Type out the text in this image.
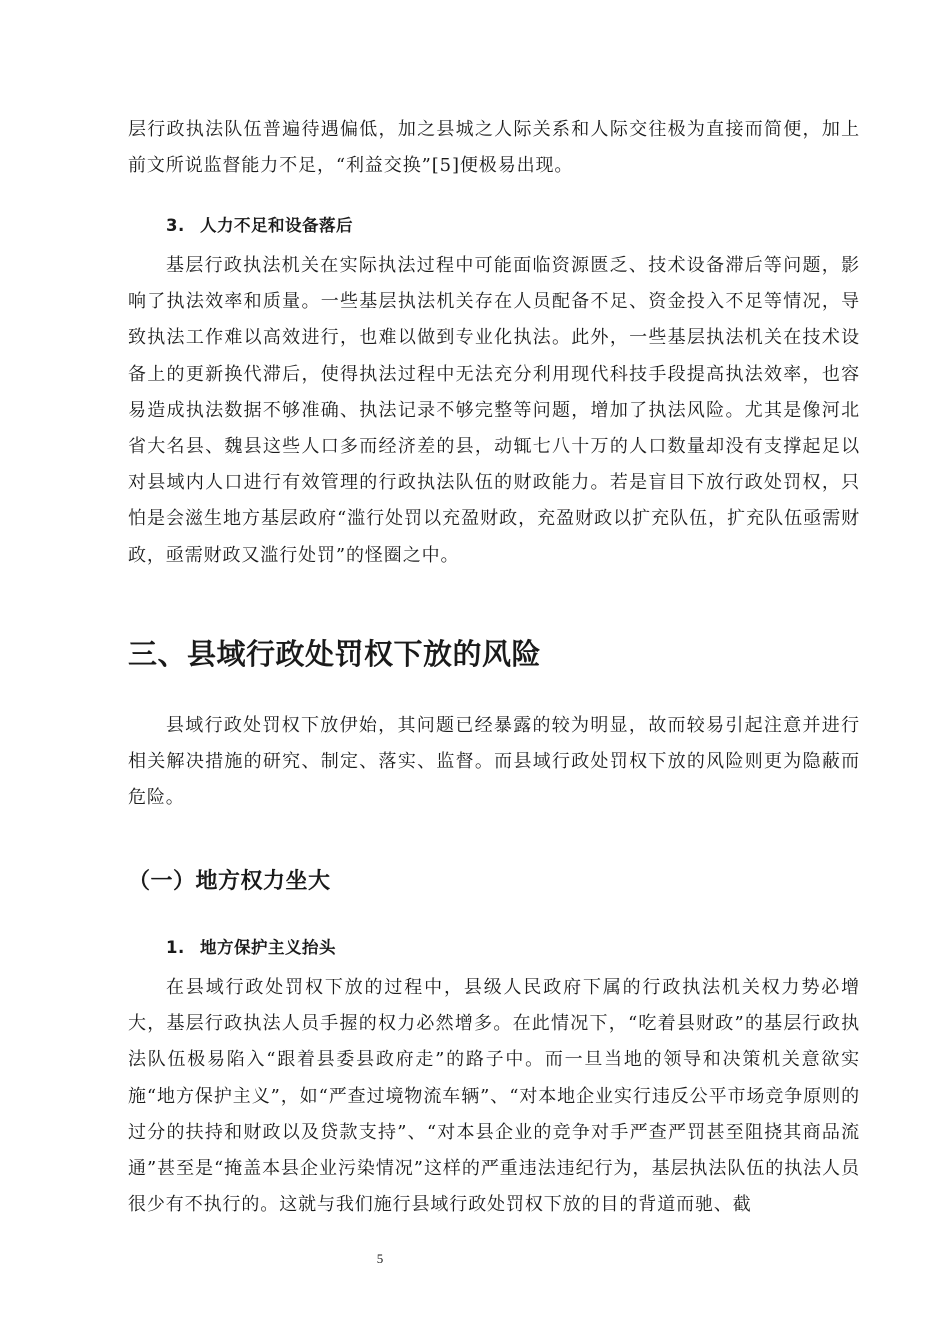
层行政执法队伍普遍待遇偏低，加之县城之人际关系和人际交往极为直接而简便，加上前文所说监督能力不足，“利益交换”[5]便极易出现。

3. 人力不足和设备落后

基层行政执法机关在实际执法过程中可能面临资源匮乏、技术设备滞后等问题，影响了执法效率和质量。一些基层执法机关存在人员配备不足、资金投入不足等情况，导致执法工作难以高效进行，也难以做到专业化执法。此外，一些基层执法机关在技术设备上的更新换代滞后，使得执法过程中无法充分利用现代科技手段提高执法效率，也容易造成执法数据不够准确、执法记录不够完整等问题，增加了执法风险。尤其是像河北省大名县、魏县这些人口多而经济差的县，动辄七八十万的人口数量却没有支撑起足以对县域内人口进行有效管理的行政执法队伍的财政能力。若是盲目下放行政处罚权，只怕是会滋生地方基层政府“滥行处罚以充盈财政，充盈财政以扩充队伍，扩充队伍亟需财政，亟需财政又滥行处罚”的怪圈之中。

三、县域行政处罚权下放的风险

县域行政处罚权下放伊始，其问题已经暴露的较为明显，故而较易引起注意并进行相关解决措施的研究、制定、落实、监督。而县域行政处罚权下放的风险则更为隐蔽而危险。

（一）地方权力坐大
1. 地方保护主义抬头

在县域行政处罚权下放的过程中，县级人民政府下属的行政执法机关权力势必增大，基层行政执法人员手握的权力必然增多。在此情况下，“吃着县财政”的基层行政执法队伍极易陷入“跟着县委县政府走”的路子中。而一旦当地的领导和决策机关意欲实施“地方保护主义”，如“严查过境物流车辆”、“对本地企业实行违反公平市场竞争原则的过分的扶持和财政以及贷款支持”、“对本县企业的竞争对手严查严罚甚至阻挠其商品流通”甚至是“掩盖本县企业污染情况”这样的严重违法违纪行为，基层执法队伍的执法人员很少有不执行的。这就与我们施行县域行政处罚权下放的目的背道而驰、截

5
